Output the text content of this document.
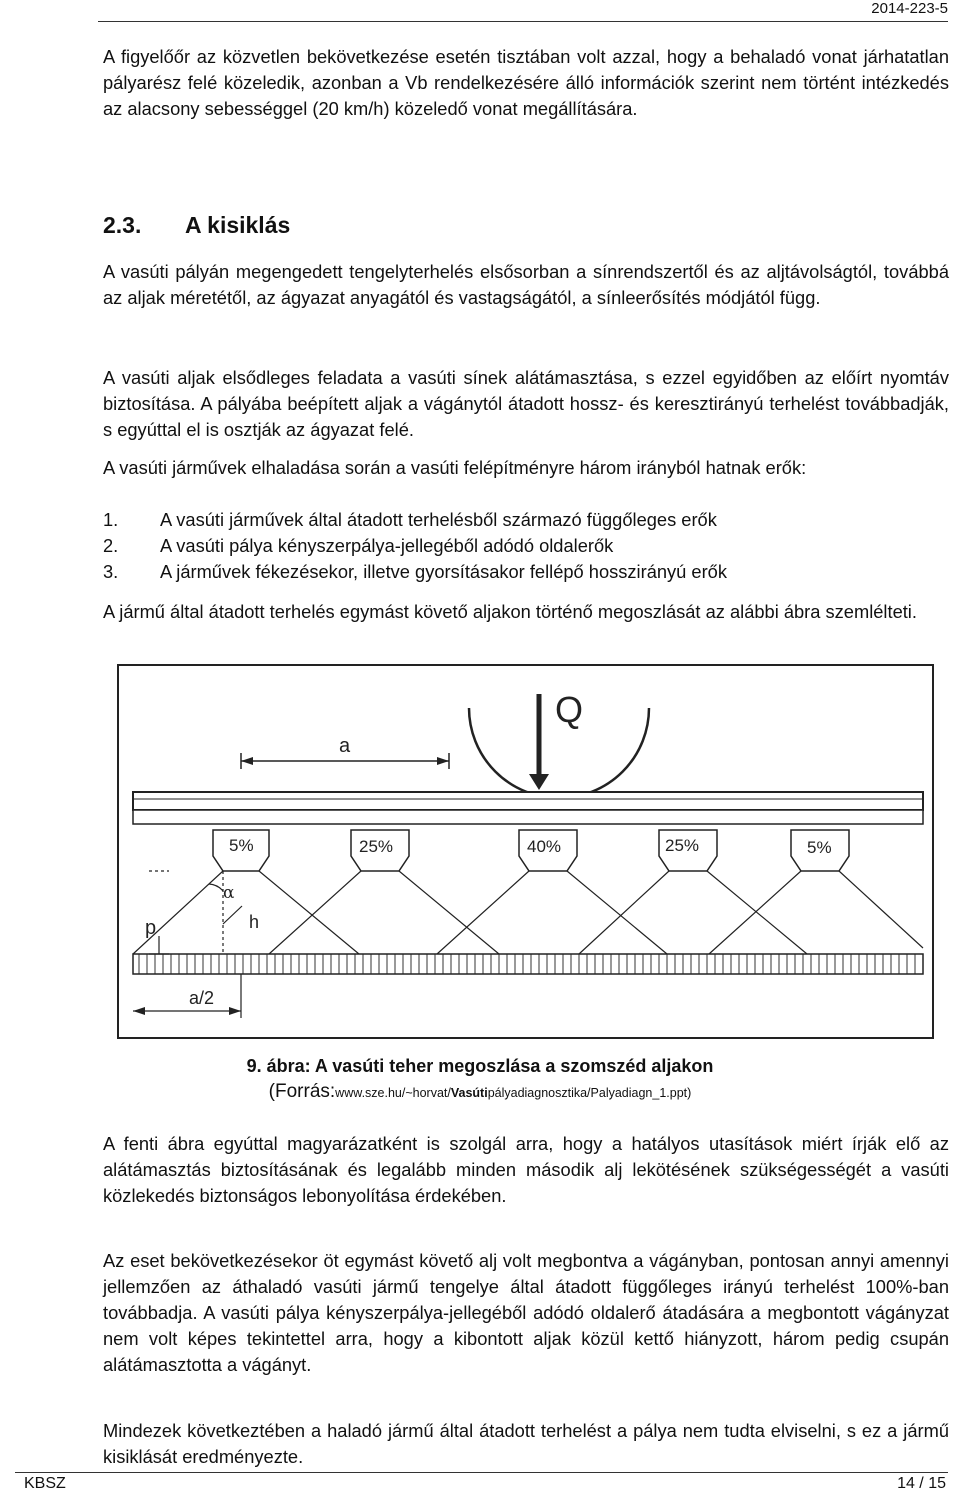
2014-223-5
A figyelőőr az közvetlen bekövetkezése esetén tisztában volt azzal, hogy a behaladó vonat járhatatlan pályarész felé közeledik, azonban a Vb rendelkezésére álló információk szerint nem történt intézkedés az alacsony sebességgel (20 km/h) közeledő vonat megállítására.
2.3. A kisiklás
A vasúti pályán megengedett tengelyterhelés elsősorban a sínrendszertől és az aljtávolságtól, továbbá az aljak méretétől, az ágyazat anyagától és vastagságától, a sínleerősítés módjától függ.
A vasúti aljak elsődleges feladata a vasúti sínek alátámasztása, s ezzel egyidőben az előírt nyomtáv biztosítása. A pályába beépített aljak a vágánytól átadott hossz- és keresztirányú terhelést továbbadják, s egyúttal el is osztják az ágyazat felé.
A vasúti járművek elhaladása során a vasúti felépítményre három irányból hatnak erők:
1. A vasúti járművek által átadott terhelésből származó függőleges erők
2. A vasúti pálya kényszerpálya-jellegéből adódó oldalerők
3. A járművek fékezésekor, illetve gyorsításakor fellépő hosszirányú erők
A jármű által átadott terhelés egymást követő aljakon történő megoszlását az alábbi ábra szemlélteti.
Q
a
5%	25%	40%	25%	5%
α
h
p
a/2
9. ábra: A vasúti teher megoszlása a szomszéd aljakon
(Forrás:www.sze.hu/~horvat/Vasútipályadiagnosztika/Palyadiagn_1.ppt)
A fenti ábra egyúttal magyarázatként is szolgál arra, hogy a hatályos utasítások miért írják elő az alátámasztás biztosításának és legalább minden második alj lekötésének szükségességét a vasúti közlekedés biztonságos lebonyolítása érdekében.
Az eset bekövetkezésekor öt egymást követő alj volt megbontva a vágányban, pontosan annyi amennyi jellemzően az áthaladó vasúti jármű tengelye által átadott függőleges irányú terhelést 100%-ban továbbadja. A vasúti pálya kényszerpálya-jellegéből adódó oldalerő átadására a megbontott vágányzat nem volt képes tekintettel arra, hogy a kibontott aljak közül kettő hiányzott, három pedig csupán alátámasztotta a vágányt.
Mindezek következtében a haladó jármű által átadott terhelést a pálya nem tudta elviselni, s ez a jármű kisiklását eredményezte.
KBSZ	14 / 15
